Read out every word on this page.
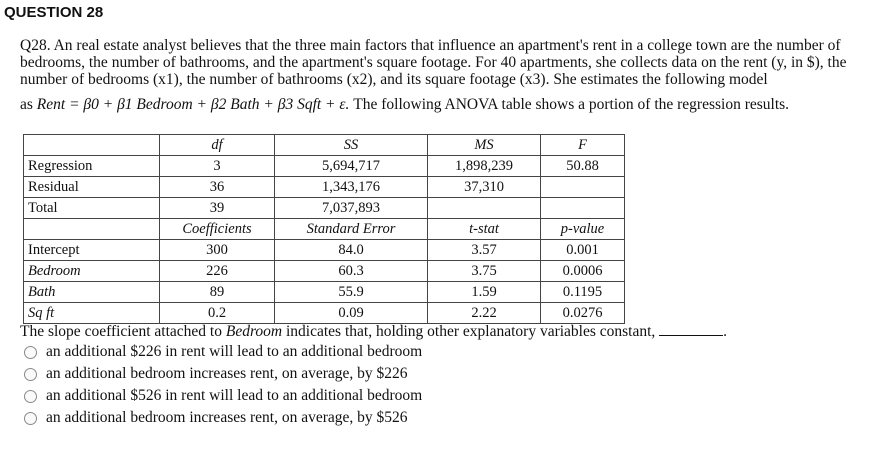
QUESTION 28

Q28. An real estate analyst believes that the three main factors that influence an apartment's rent in a college town are the number of bedrooms, the number of bathrooms, and the apartment's square footage. For 40 apartments, she collects data on the rent (y, in $), the number of bedrooms (x1), the number of bathrooms (x2), and its square footage (x3). She estimates the following model

as Rent = β0 + β1 Bedroom + β2 Bath + β3 Sqft + ε. The following ANOVA table shows a portion of the regression results.
	df	SS	MS	F
Regression	3	5,694,717	1,898,239	50.88
Residual	36	1,343,176	37,310	
Total	39	7,037,893		
	Coefficients	Standard Error	t-stat	p-value
Intercept	300	84.0	3.57	0.001
Bedroom	226	60.3	3.75	0.0006
Bath	89	55.9	1.59	0.1195
Sq ft	0.2	0.09	2.22	0.0276
The slope coefficient attached to Bedroom indicates that, holding other explanatory variables constant,	.
an additional $226 in rent will lead to an additional bedroom
an additional bedroom increases rent, on average, by $226
an additional $526 in rent will lead to an additional bedroom
an additional bedroom increases rent, on average, by $526
